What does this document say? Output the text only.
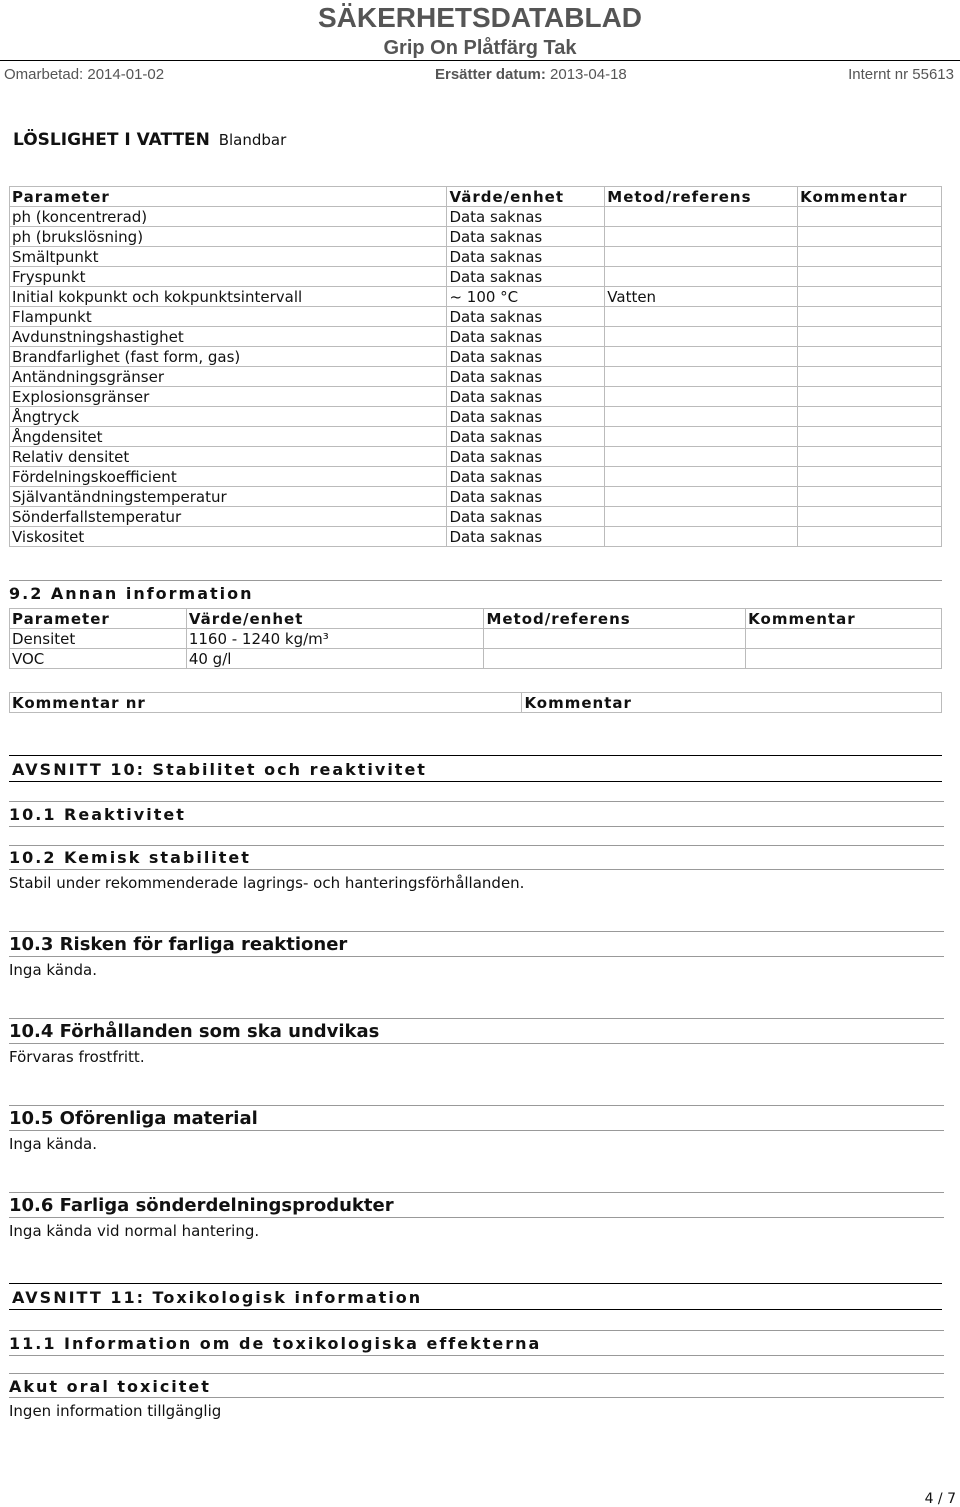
SÄKERHETSDATABLAD
Grip On Plåtfärg Tak
Omarbetad: 2014-01-02	Ersätter datum: 2013-04-18	Internt nr 55613
LÖSLIGHET I VATTEN Blandbar
Parameter	Värde/enhet	Metod/referens	Kommentar
ph (koncentrerad)	Data saknas		
ph (brukslösning)	Data saknas		
Smältpunkt	Data saknas		
Fryspunkt	Data saknas		
Initial kokpunkt och kokpunktsintervall	~ 100 °C	Vatten	
Flampunkt	Data saknas		
Avdunstningshastighet	Data saknas		
Brandfarlighet (fast form, gas)	Data saknas		
Antändningsgränser	Data saknas		
Explosionsgränser	Data saknas		
Ångtryck	Data saknas		
Ångdensitet	Data saknas		
Relativ densitet	Data saknas		
Fördelningskoefficient	Data saknas		
Självantändningstemperatur	Data saknas		
Sönderfallstemperatur	Data saknas		
Viskositet	Data saknas		
9.2 Annan information
Parameter	Värde/enhet	Metod/referens	Kommentar
Densitet	1160 - 1240 kg/m³		
VOC	40 g/l		
Kommentar nr	Kommentar
AVSNITT 10: Stabilitet och reaktivitet
10.1 Reaktivitet
10.2 Kemisk stabilitet
Stabil under rekommenderade lagrings- och hanteringsförhållanden.
10.3 Risken för farliga reaktioner
Inga kända.
10.4 Förhållanden som ska undvikas
Förvaras frostfritt.
10.5 Oförenliga material
Inga kända.
10.6 Farliga sönderdelningsprodukter
Inga kända vid normal hantering.
AVSNITT 11: Toxikologisk information
11.1 Information om de toxikologiska effekterna
Akut oral toxicitet
Ingen information tillgänglig
4 / 7
